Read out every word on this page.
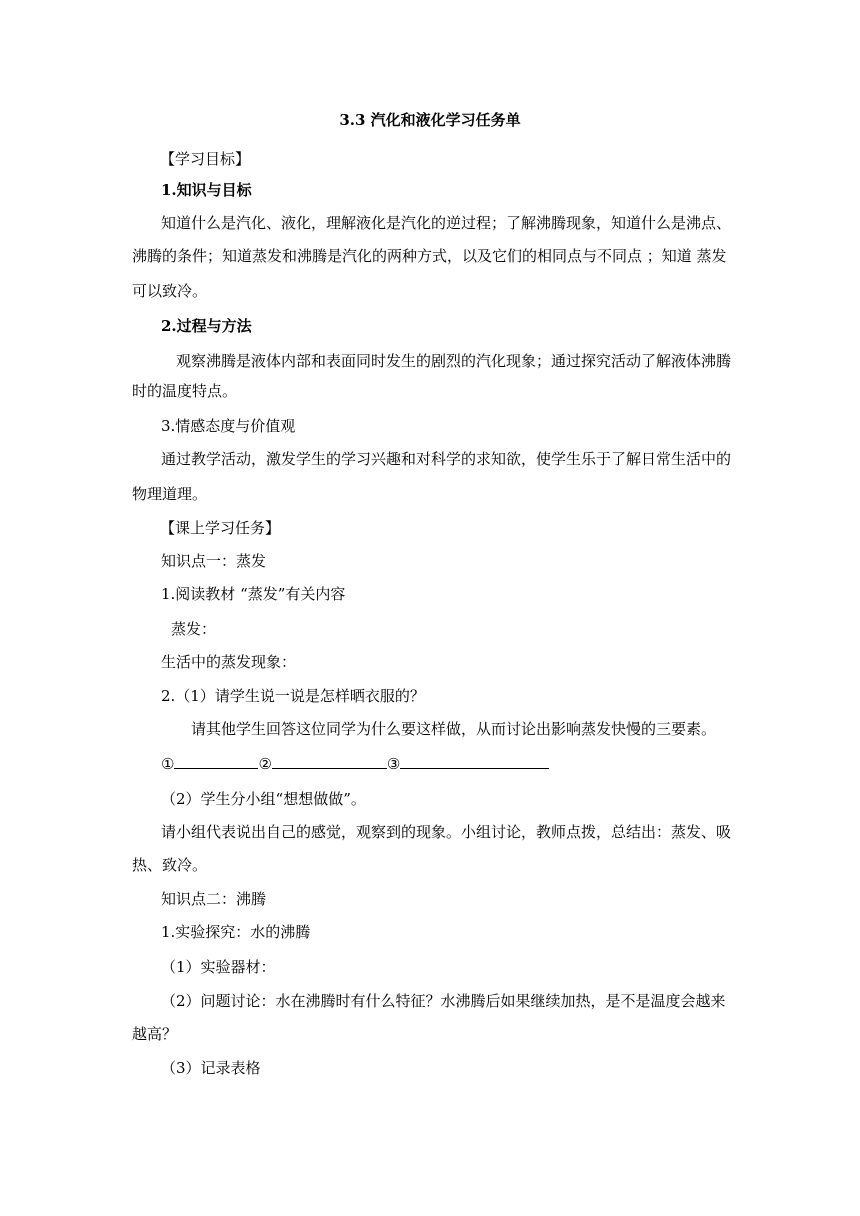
3.3 汽化和液化学习任务单
【学习目标】
1.知识与目标
知道什么是汽化、液化，理解液化是汽化的逆过程；了解沸腾现象，知道什么是沸点、
沸腾的条件；知道蒸发和沸腾是汽化的两种方式，以及它们的相同点与不同点 ；知道 蒸发
可以致冷。
2.过程与方法
观察沸腾是液体内部和表面同时发生的剧烈的汽化现象；通过探究活动了解液体沸腾
时的温度特点。
3.情感态度与价值观
通过教学活动，激发学生的学习兴趣和对科学的求知欲，使学生乐于了解日常生活中的
物理道理。
【课上学习任务】
知识点一：蒸发
1.阅读教材 “蒸发”有关内容
蒸发：
生活中的蒸发现象：
2.（1）请学生说一说是怎样晒衣服的？
请其他学生回答这位同学为什么要这样做，从而讨论出影响蒸发快慢的三要素。
①	②	③
（2）学生分小组“想想做做”。
请小组代表说出自己的感觉，观察到的现象。小组讨论，教师点拨，总结出：蒸发、吸
热、致冷。
知识点二：沸腾
1.实验探究：水的沸腾
（1）实验器材：
（2）问题讨论：水在沸腾时有什么特征？水沸腾后如果继续加热，是不是温度会越来
越高？
（3）记录表格
